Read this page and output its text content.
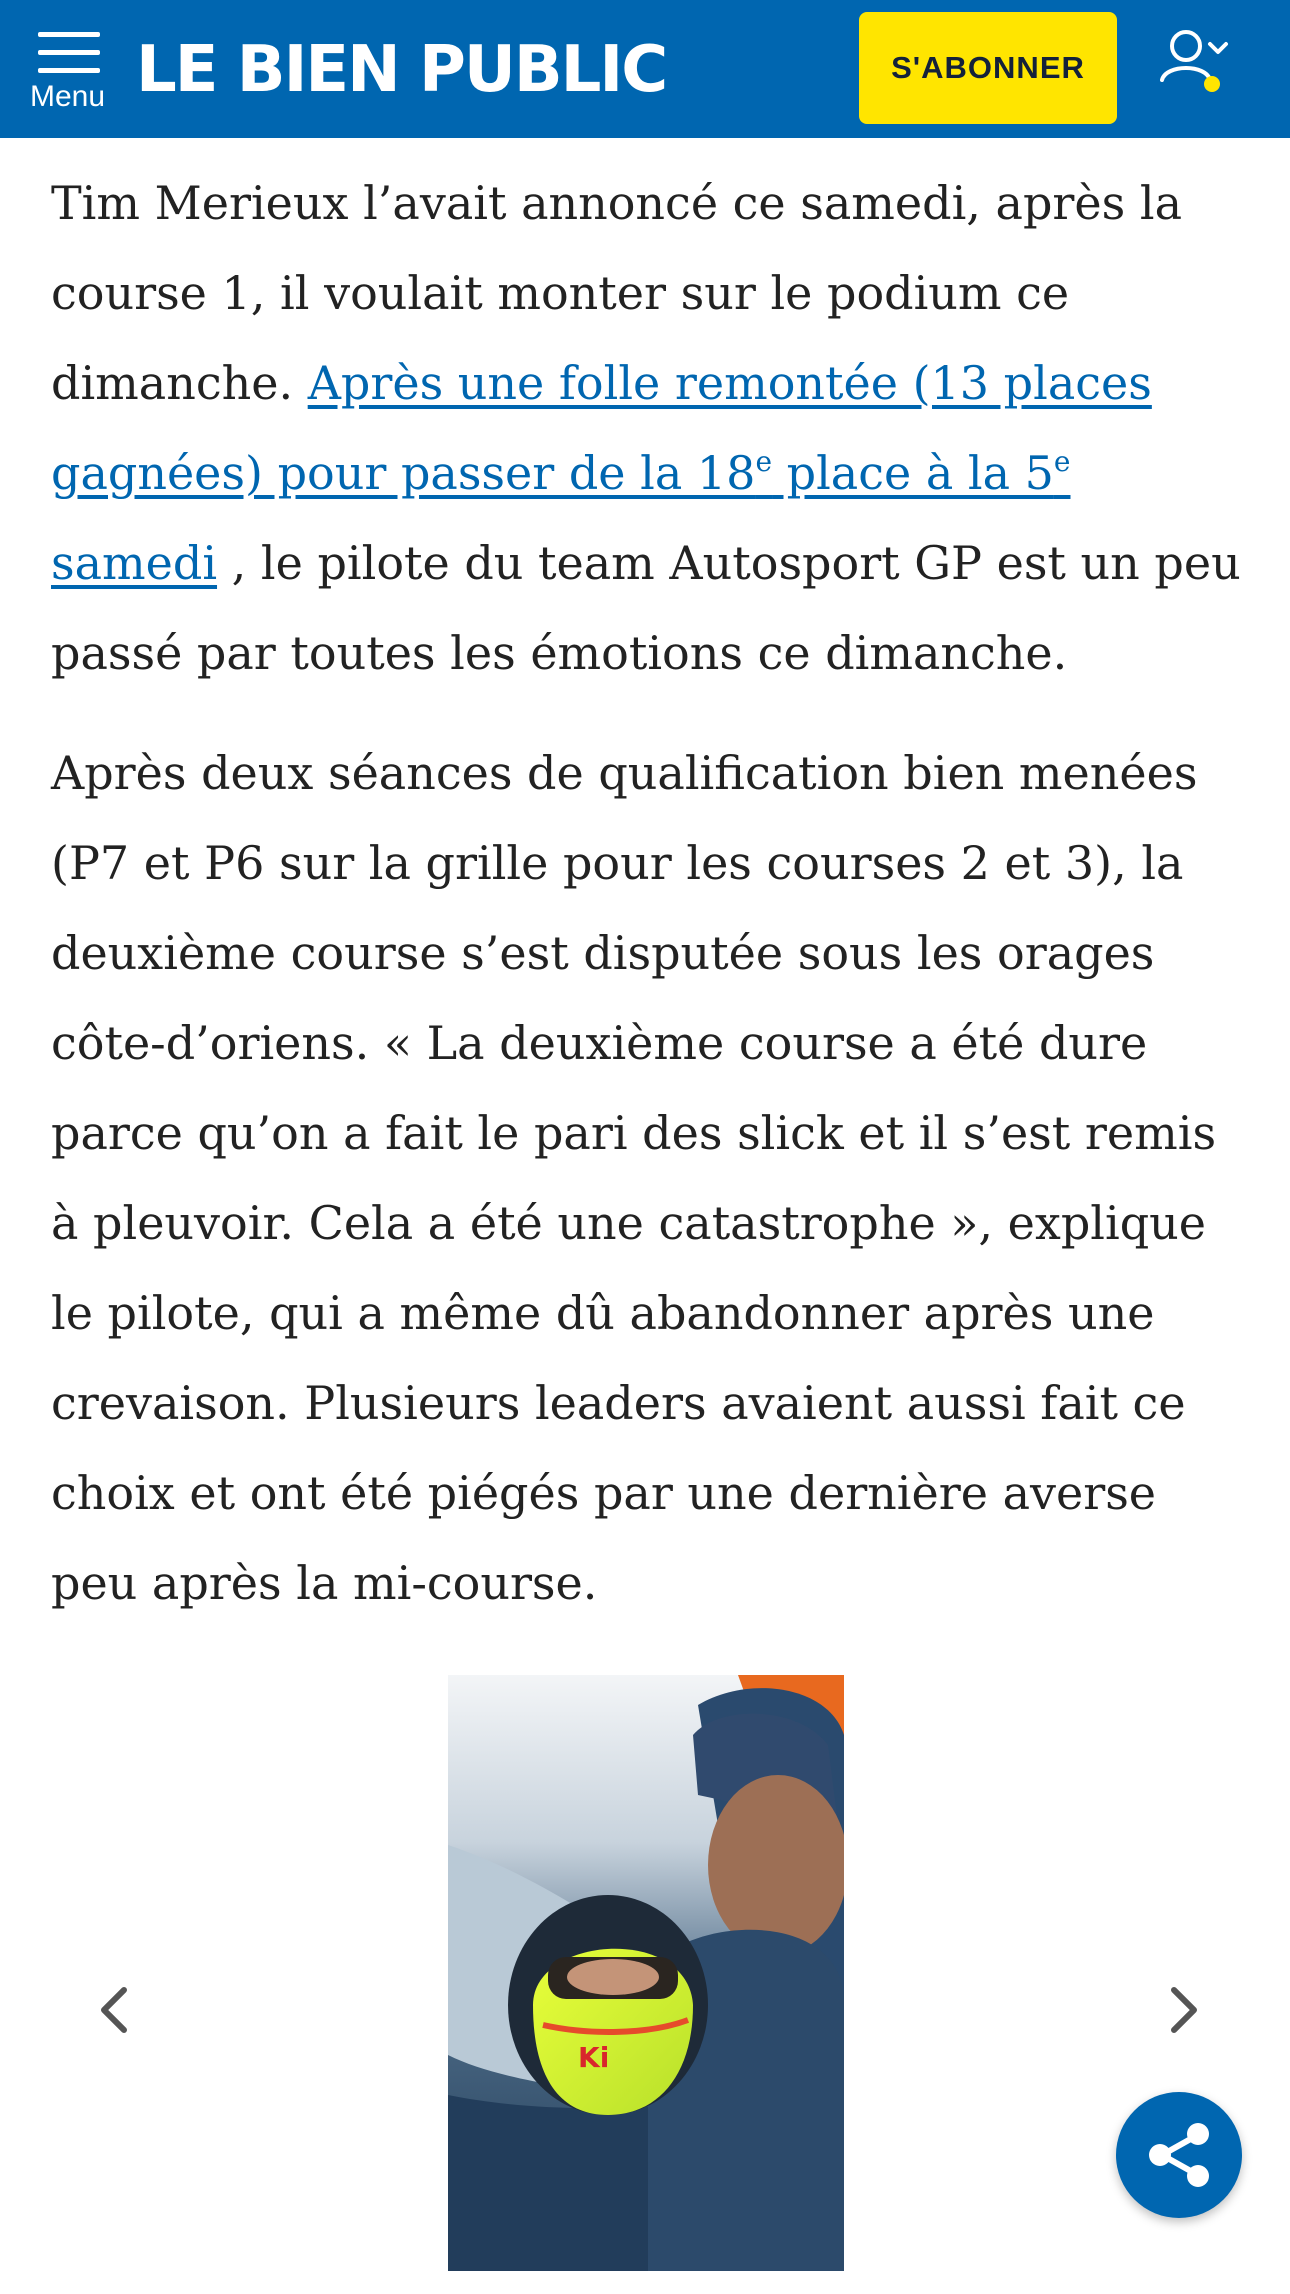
Menu LE BIEN PUBLIC	S'ABONNER

Tim Merieux l’avait annoncé ce samedi, après la course 1, il voulait monter sur le podium ce dimanche. Après une folle remontée (13 places gagnées) pour passer de la 18e place à la 5e samedi , le pilote du team Autosport GP est un peu passé par toutes les émotions ce dimanche.

Après deux séances de qualification bien menées (P7 et P6 sur la grille pour les courses 2 et 3), la deuxième course s’est disputée sous les orages côte-d’oriens. « La deuxième course a été dure parce qu’on a fait le pari des slick et il s’est remis à pleuvoir. Cela a été une catastrophe », explique le pilote, qui a même dû abandonner après une crevaison. Plusieurs leaders avaient aussi fait ce choix et ont été piégés par une dernière averse peu après la mi-course.

Ki
